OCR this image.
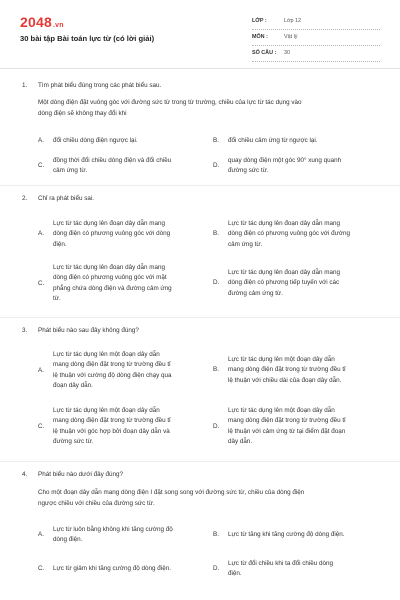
2048.vn
30 bài tập Bài toán lực từ (có lời giải)
LỚP :	Lớp 12
MÔN :	Vật lý
SỐ CÂU : 30
1.	Tìm phát biểu đúng trong các phát biểu sau.
Một dòng điện đặt vuông góc với đường sức từ trong từ trường, chiều của lực từ tác dụng vào
dòng điện sẽ không thay đổi khi
A.	đổi chiều dòng điện ngược lại.	B.	đổi chiều cảm ứng từ ngược lại.
C.
đồng thời đổi chiều dòng điện và đổi chiều
cảm ứng từ.
D.
quay dòng điện một góc 90° xung quanh
đường sức từ.
2.	Chỉ ra phát biểu sai.
A.
Lực từ tác dụng lên đoạn dây dẫn mang
dòng điện có phương vuông góc với dòng
điện.
B.
Lực từ tác dụng lên đoạn dây dẫn mang
dòng điện có phương vuông góc với đường
cảm ứng từ.
C.
Lực từ tác dụng lên đoạn dây dẫn mang
dòng điện có phương vuông góc với mặt
phẳng chứa dòng điện và đường cảm ứng
từ.
D.
Lực từ tác dụng lên đoạn dây dẫn mang
dòng điện có phương tiếp tuyến với các
đường cảm ứng từ.
3.	Phát biểu nào sau đây không đúng?
A.
Lực từ tác dụng lên một đoạn dây dẫn
mang dòng điện đặt trong từ trường đều tỉ
lệ thuận với cường độ dòng điện chạy qua
đoạn dây dẫn.
B.
Lực từ tác dụng lên một đoạn dây dẫn
mang dòng điện đặt trong từ trường đều tỉ
lệ thuận với chiều dài của đoạn dây dẫn.
C.
Lực từ tác dụng lên một đoạn dây dẫn
mang dòng điện đặt trong từ trường đều tỉ
lệ thuận với góc hợp bởi đoạn dây dẫn và
đường sức từ.
D.
Lực từ tác dụng lên một đoạn dây dẫn
mang dòng điện đặt trong từ trường đều tỉ
lệ thuận với cảm ứng từ tại điểm đặt đoạn
dây dẫn.
4.	Phát biểu nào dưới đây đúng?
Cho một đoạn dây dẫn mang dòng điện I đặt song song với đường sức từ, chiều của dòng điện
ngược chiều với chiều của đường sức từ.
A.
Lực từ luôn bằng không khi tăng cường độ
dòng điện.
B.	Lực từ tăng khi tăng cường độ dòng điện.
C.	Lực từ giảm khi tăng cường độ dòng điện.	D.
Lực từ đổi chiều khi ta đổi chiều dòng
điện.
